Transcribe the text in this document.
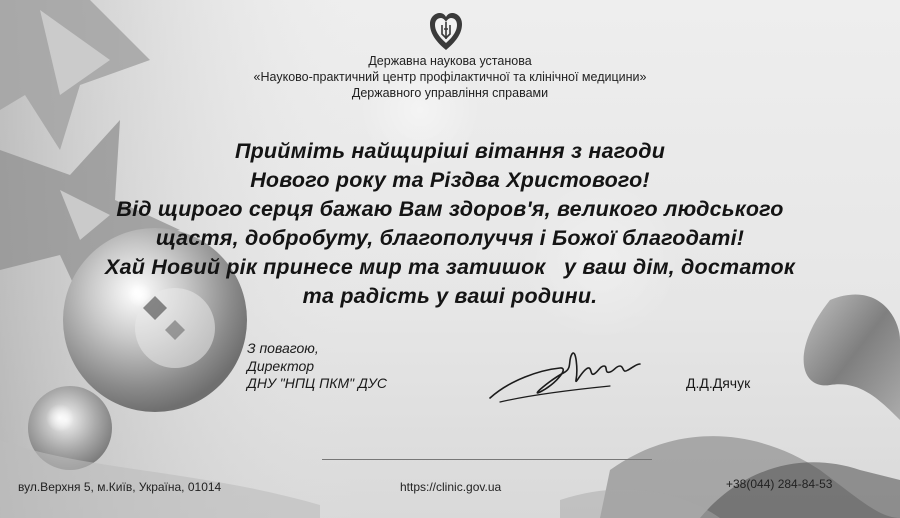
Державна наукова установа
«Науково-практичний центр профілактичної та клінічної медицини»
Державного управління справами
Прийміть найщиріші вітання з нагоди
Нового року та Різдва Христового!
Від щирого серця бажаю Вам здоров'я, великого людського
щастя, добробуту, благополуччя і Божої благодаті!
Хай Новий рік принесе мир та затишок   у ваш дім, достаток
та радість у ваші родини.
З повагою,
Директор
ДНУ "НПЦ ПКМ" ДУС	Д.Д.Дячук
вул.Верхня 5, м.Київ, Україна, 01014	https://clinic.gov.ua	+38(044) 284-84-53
